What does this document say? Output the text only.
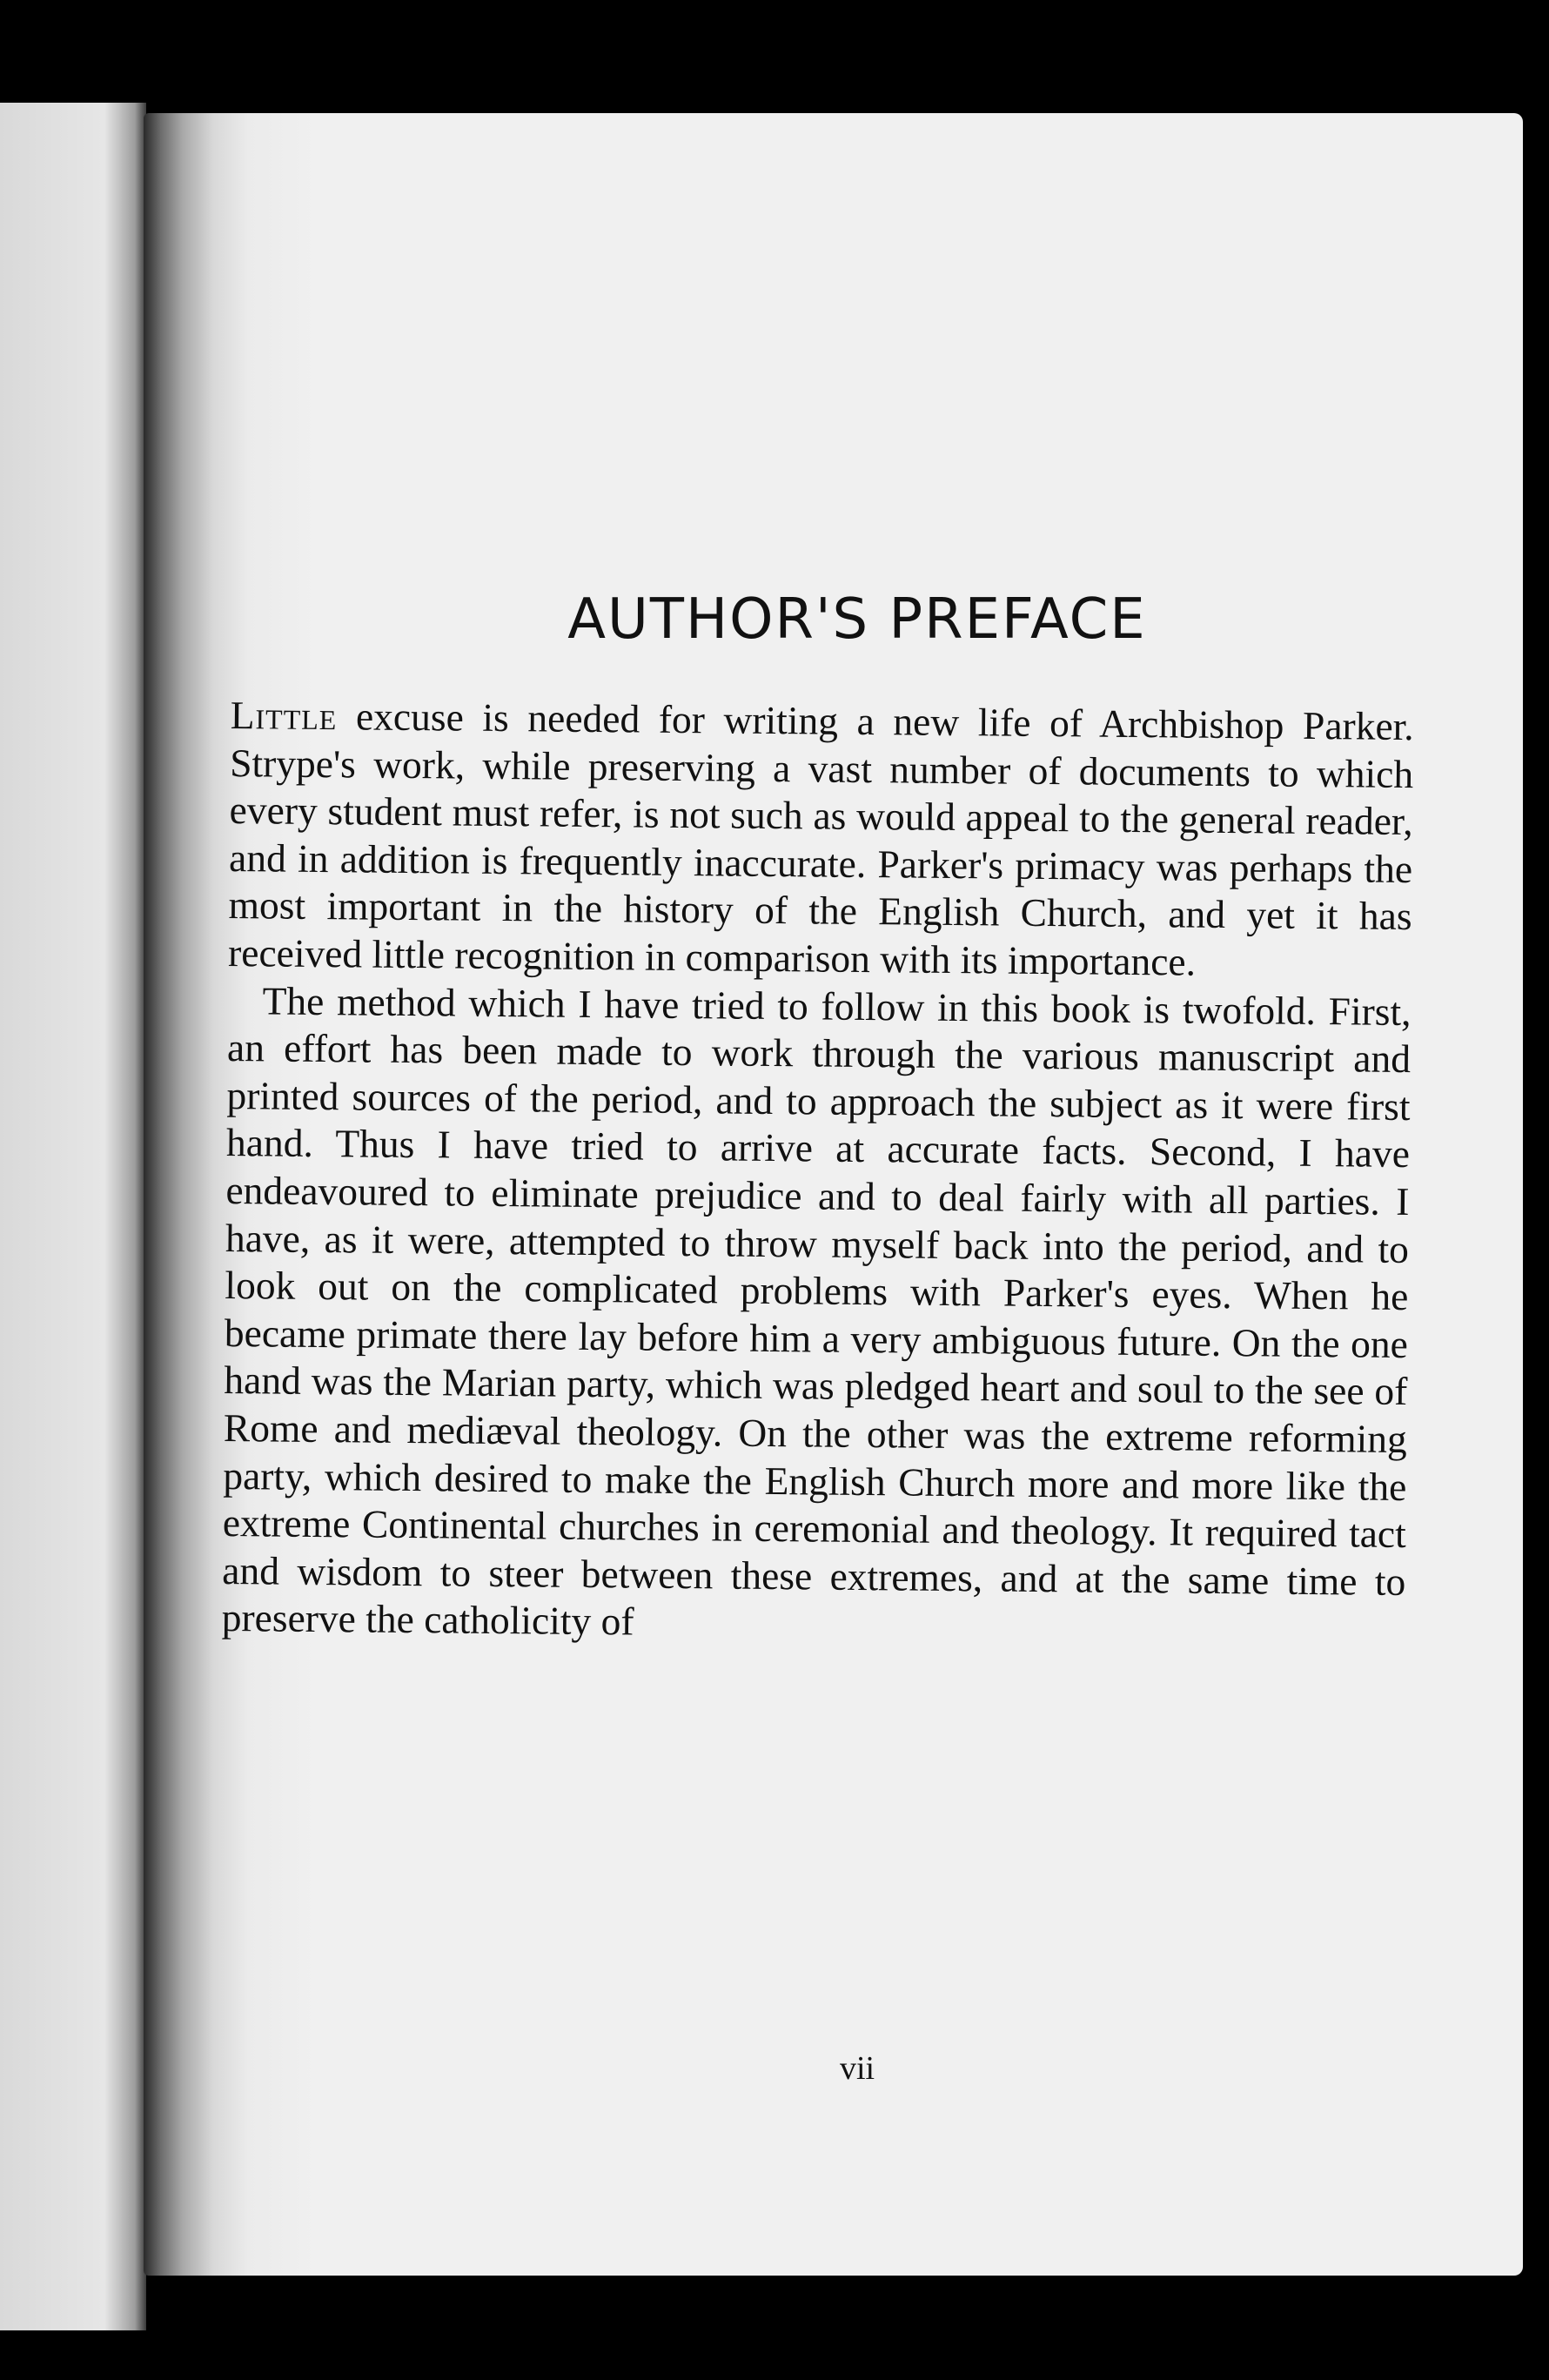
AUTHOR'S PREFACE

Little excuse is needed for writing a new life of Archbishop Parker. Strype's work, while preserving a vast number of documents to which every student must refer, is not such as would appeal to the general reader, and in addition is frequently inaccurate. Parker's primacy was perhaps the most important in the history of the English Church, and yet it has received little recognition in comparison with its importance.

The method which I have tried to follow in this book is twofold. First, an effort has been made to work through the various manuscript and printed sources of the period, and to approach the subject as it were first hand. Thus I have tried to arrive at accurate facts. Second, I have endeavoured to eliminate prejudice and to deal fairly with all parties. I have, as it were, attempted to throw myself back into the period, and to look out on the complicated problems with Parker's eyes. When he became primate there lay before him a very ambiguous future. On the one hand was the Marian party, which was pledged heart and soul to the see of Rome and mediæval theology. On the other was the extreme reforming party, which desired to make the English Church more and more like the extreme Continental churches in ceremonial and theology. It required tact and wisdom to steer between these extremes, and at the same time to preserve the catholicity of

vii
